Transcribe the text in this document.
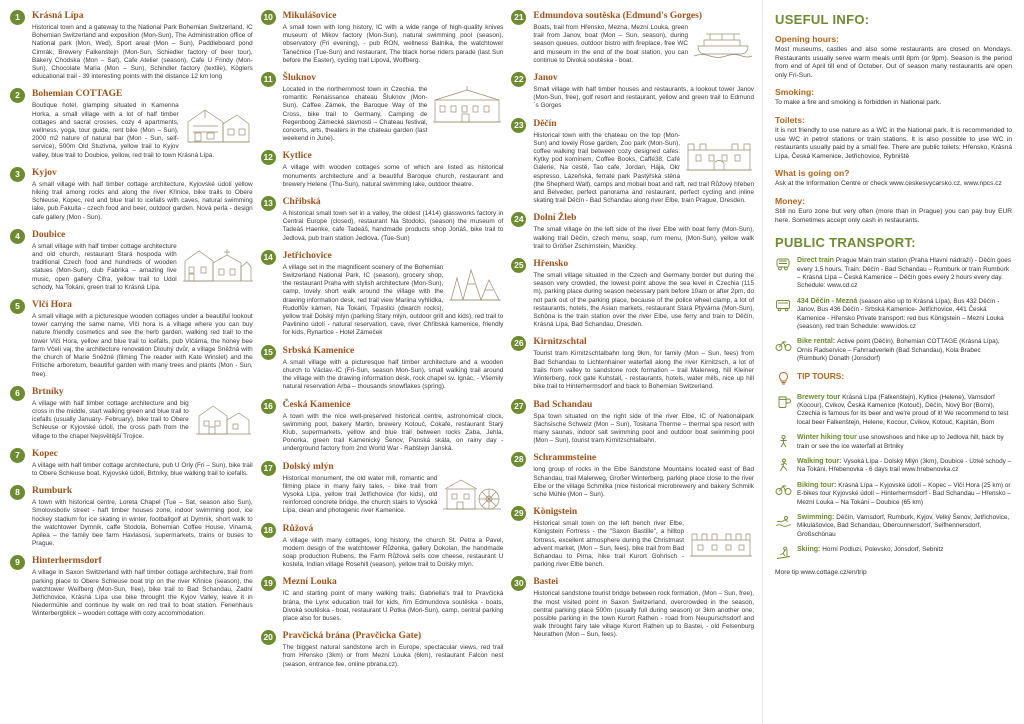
1	Krásná Lípa
Historical town and a gateway to the National Park Bohemian Switzerland, IC Bohemian Switzerland and exposition (Mon-Sun), The Administration office of National park (Mon, Wed), Sport areal (Mon – Sun), Paddleboard pond Cimrák, Brewery Falkenštejn (Mon-Sun, Schiedler factory of beer tour), Bakery Chodska (Mon – Sat), Cafe Atelier (season), Cafe U Frindy (Mon-Sun), Chocolate Maria (Mon – Sun), Schindler factory (textile), Köglers educational trail - 39 interesting points with the distance 12 km long
2	Bohemian COTTAGE
Boutique hotel, glamping situated in Kamenna Horka, a small village with a lot of half timber cottages and sacral crosses, cozy 4 apartments, wellness, yoga, tour guide, rent bike (Mon – Sun), 2000 m2 nature of natural bar (Mon - Sun, self-service), 500m Old Stuzivna, yellow trail to Kyjov valley, blue trail to Doubice, yellow, red trail to town Krásná Lípa.
3	Kyjov
A small village with half timber cottage architecture, Kyjovské údolí yellow hiking trail among rocks and along the river Křinice, bike trails to Obere Schleuse, Kopec, red and blue trail to icefalls with caves, natural swimming lake, pub Fakulta - czech food and beer, outdoor garden. Nová perla - design cafe gallery (Mon - Sun).
4	Doubice
A small village with half timber cottage architecture and old church, restaurant Stará hospoda with traditional Czech food and hundreds of wooden statues (Mon-Sun), club Fabrika – amazing live music, open gallery Cifra, yellow trail to Udol schody, Na Tokáni, green trail to Krásná Lípa.
5	Vlčí Hora
A small village with a picturesque wooden cottages under a beautiful lookout tower carrying the same name, Vlčí hora is a village where you can buy nature friendly cosmetics and see the herb garden, walking red trail to the tower Vlčí Hora, yellow and blue trail to icefalls, pub Vlčárna, the honey bee farm Včelí vaj, the architecture renovation Dlouhý dvůr, a village Sněžná with the church of Marie Sněžné (filming The reader with Kate Winslet) and the Fritsche arboretum, beautiful garden with many trees and plants (Mon - Sun, free).
6	Brtníky
A village with half timber cottage architecture and big cross in the middle, start walking green and blue trail to icefalls (usually January- February), bike trail to Obere Schleuse or Kyjovské údolí, the cross path from the village to the chapel Nejsvětější Trojice.
7	Kopec
A village with half timber cottage architecture, pub U Orly (Fri – Sun), bike trail to Obere Schleuse boat, Kyjovské údolí, Brtníky, blue walking trail to icefalls.
8	Rumburk
A town with historical centre, Loreta Chapel (Tue – Sat, season also Sun), Smolovsbotiv street - haft timber houses zone, indoor swimming pool, ice hockey stadium for ice skating in winter, footballgolf at Dymnik, short walk to the watchtower Dymnik, caffe Stodola, Bohemian Coffee House, Vinarna, Apilea – the family bee farm Havlasosi, supermarkets, trains or buses to Prague.
9	Hinterhermsdorf
A village in Saxon Switzerland with half timber cottage architecture, trail from parking place to Obere Schleuse boat trip on the river Křinice (season), the watchtower Weifberg (Mon-Sun, free), bike trail to Bad Schandau, Zadní Jetřichovice, Krásná Lípa use bike throught the Kyjov Valley, leave it in Niedermühle and continue by walk on red trail to boat station. Ferienhaus Winterbergblick – wooden cottage with cozy accommodation.
10 Mikulášovice
A small town with long history, IC with a wide range of high-quality knives museum of Mikov factory (Mon-Sun), natural swimming pool (season), observatory (Fri evening), - pub RON, wellness Balnika, the watchtower Tanečnice (Tue-Sun) and restaurant, The black horse riders parade (last Sun before the Easter), cycling trail Lipová, Wolfberg.
11	Šluknov
Located in the northernmost town in Czechia, the romantic Renaissance chateau Šluknov (Mon-Sun), Caffee Zámek, the Baroque Way of the Cross, bike trail to Germany, Camping de Regenboog Zámecké slavnosti – Chateau festival, concerts, arts, theaters in the chateau garden (last weekend in June).
12 Kytlice
A village with wooden cottages some of which are listed as historical monuments architecture and a beautiful Baroque church, restaurant and brewery Helene (Thu-Sun), natural swimming lake, outdoor theatre.
13 Chřibská
A historical small town set in a valley, the oldest (1414) glassworks factory in Central Europe (closed), restaurant Na Stodolci, (season) the museum of Tadeáš Haenke, cafe Tadeáš, handmade products shop Jonáš, bike trail to Jedlová, pub train station Jedlova. (Tue-Sun)
14 Jetřichovice
A village set in the magnificent scenery of the Bohemian Switzerland National Park, IC (season), grocery shop, the restaurant Praha with stylish architecture (Mon-Sun), camp, lovely short walk around the village with the drawing information desk, red trail view Mariina vyhlídka, Rudolfův kámen, Na Tokáni, Trpaslici (dwarch rocks), yellow trail Dolský mlýn (parking Stary mlýn, outdoor grill and kids), red trail to Pavlinino údolí - natural reservation, cave, river Chřibská kamenice, friendly for kids, Rynartice - Hotel Zámeček
15 Srbská Kamenice
A small village with a picturesque half timber architecture and a wooden church to Václav.-IC (Fri-Sun, season Mon-Sun), small walking trail around the village with the drawing information desk, rock chapel sv. Ignác, - Všemily natural reservation Arba – thousands snowflakes (spring).
16 Česká Kamenice
A town with the nice well-preserved historical centre, astronomical clock, swimming pool, bakery Martin, brewery Kotouč, Cokafe, restaurant Starý Klub, supermarkets, yellow and blue trail between rocks Zaba, Jehla, Ponorka, green trail Kamenický Šenov, Panská skála, on rainy day - underground factory from 2nd World War - Rabštejn Janská.
17 Dolský mlýn
Historical monument, the old water mill, romantic and filming place in many fairy tales, - bike trail from Vysoká Lípa, yellow trail Jetřichovice (for kids), old reinforced concrete bridge, the church stairs to Vysoká Lípa, clean and photogenic river Kamenice.
18 Růžová
A village with many cottages, long history, the church St. Petra a Pavel, modern design of the watchtower Růženka, gallery Dokolan, the handmade soap production Rubens, the Farm Růžová sells cow cheese, restaurant U kostela, Indian village Rosehill (season), yellow trail to Dolsky mlyn.
19 Mezní Louka
IC and starting point of many walking trails: Gabriella's trail to Pravčická brána, the Lynx education trail for kids, řím Edmundova soutěska - boats, Divoká soutěska - boat, restaurant U Potka (Mon-Sun), camp, central parking place also for buses.
20 Pravčická brána (Pravčicka Gate)
The biggest natural sandstone arch in Europe, spectacular views, red trail from Hřensko (3km) or from Mezní Louka (6km), restaurant Falcon nest (season, entrance fee, online pbrana.cz).
21 Edmundova soutěska (Edmund's Gorges)
Boats, trail from Hřensko, Mezna, Mezní Louka, green trail from Janov, boat (Mon – Sun, season), during season queues, outdoor bistro with fireplace, free WC and museum in the end of the boat station, you can continue to Divoká soutěska - boat.
22 Janov
Small village with half timber houses and restaurants, a lookout tower Janov (Mon-Sun, free), golf resort and restaurant, yellow and green trail to Edmund´s Gorges
23 Děčín
Historical town with the chateau on the top (Mon-Sun) and lovely Rose garden, Zoo park (Mon-Sun), coffee walking trail between cozy designed cafes: Kytky pod komínem, Coffee Books, Caffé38, Café Galerie, Na cestě, Tao cafe, Jordan, Hája, Okr espresso, Lázeňská, ferrate park Pastýřská stěna (the Shepherd Wall), camps and mobail boat and raft, red trail Růžový hřeben and Belveder, perfect panorama and restaurant, perfect cycling and inline skating trail Děčín - Bad Schandau along river Elbe, train Prague, Dresden.
24 Dolní Žleb
The small village on the left side of the river Elbe with boat ferry (Mon-Sun), walking trail Děčín, czech menu, soap, rum menu, (Mon-Sun), yellow walk trail to Größer Zschirnstein, Maxičky.
25 Hřensko
The small village situated in the Czech and Germany border but during the season very crowded, the lowest point above the sea level in Czechia (115 m), parking place during season necessary park before 10am or after 2pm, do not park out of the parking place, because of the police wheel clamp, a lot of restaurants, hotels, the Asian markets, restaurant Stará Ptyvárna (Mon-Sun), Schöna is the train station over the river Elbe, use ferry and train to Děčín, Krásná Lípa, Bad Schandau, Dresden.
26 Kirnitzschtal
Tourist tram Kirnitzschtalbahn long 9km, for family (Mon – Sun, fees) from Bad Schandau to Lichtenhainer waterfall along the river Kirnitzsch, a lot of trails from valley to sandstone rock formation – trail Malerweg, hill Kleiner Winterberg, rock gate Kuhstall, - restaurants, hotels, water mills, nice up hill bike trail to Hinterhermsdorf and back to Bohemian Switzerland.
27 Bad Schandau
Spa town situated on the right side of the river Elbe, IC of Nationalpark Sächsische Schweiz (Mon – Sun), Toskana Therme – thermal spa resort with many saunas, indoor salt swimming pool and outdoor boat swimming pool (Mon – Sun), tourist tram Kirnitzschtalbahn.
28 Schrammsteine
long group of rocks in the Elbe Sandstone Mountains located east of Bad Schandau, trail Malerweg, Großer Winterberg, parking place close to the river Elbe or the village Schmilka (nice historical microbrewery and bakery Schmilk sche Mühle (Mon – Sun).
29 Königstein
Historical small town on the left bench river Elbe, Königstein Fortress - the "Saxon Bastille", a hilltop fortress, excellent atmosphere during the Christmast advent market, (Mon – Sun, fees), bike trail from Bad Schandau to Pirna, hike trail Kurort Gohrisch - parking river Elbe bench.
30 Bastei
Historical sandstone tourist bridge between rock formation, (Mon – Sun, free), the most visited point in Saxon Switzerland, overcrowded in the season, central parking place 500m (usually full during season) or 3km another one, possible parking in the town Kurort Rathen - road from Neupurschsdorf and walk throught fairy tale village Kurort Rathen up to Bastei, - old Felsenburg Neurathen (Mon – Sun, fees).
USEFUL INFO:
Opening hours:

Most museums, castles and also some restaurants are closed on Mondays. Restaurants usually serve warm meals until 8pm (or 9pm). Season is the period from end of April till end of October. Out of season many restaurants are open only Fri-Sun.

Smoking:

To make a fire and smoking is forbidden in National park.

Toilets:

It is not friendly to use nature as a WC in the National park. It is recommended to use WC in petrol stations or train stations. It is also possible to use WC in restaurants usually paid by a small fee. There are public toilets: Hřensko, Krásná Lípa, Česká Kamenice, Jetřichovice, Rybniště

What is going on?

Ask at the Information Centre or check www.ceskesvycarsko.cz, www.npcs.cz

Money:

Still no Euro zone but very often (more than in Prague) you can pay buy EUR here. Sometimes accept only cash in restaurants.

PUBLIC TRANSPORT:
Direct train Prague Main train station (Praha Hlavní nádraží) - Děčín goes every 1,5 hours, Train: Děčín - Bad Schandau – Rumburk or train Rumburk – Krásná Lípa – Česká Kamenice – Děčín goes every 2 hours every day. Schedule: www.cd.cz
434 Děčín - Mezná (season also up to Krásná Lípa), Bus 432 Děčín - Janov, Bus 436 Děčín - Srbská Kamenice- Jetřichovice, 441 Česká Kamenice - Hřensko Private transport: red bus Königstein – Mezní Louka (season), red train Schedule: www.idos.cz
Bike rental: Active point (Děčín), Bohemian COTTAGE (Krásná Lípa), Ornis Radservice – Fahrradverleih (Bad Schandau), Kola Brabec (Rumburk) Donath (Jonsdorf)
TIP TOURS:
Brewery tour Krásná Lípa (Falkenštejn), Kytlice (Helene), Varnsdorf (Kocour), Cvikov, Česká Kamenice (Kotouč), Děčín, Nový Bor (Borni), Czechia is famous for its beer and we're proud of it! We recommend to test local beer Falkenštejn, Helene, Kocour, Cvikov, Kotouč, Kapitán, Born
Winter hiking tour use snowshoes and hike up to Jedlova hill, back by train or see the ice waterfall at Brtniky
Walking tour: Vysoká Lípa - Dolský Mlýn (3km), Doubice - Uzké schody – Na Tokáni, Hřebenovka - 6 days trail www.hrebenovka.cz
Biking tour: Krásná Lípa – Kyjovské údolí – Kopec – Vlčí Hora (25 km) or E-bikes tour Kyjovské údolí – Hinterhermsdorf - Bad Schandau – Hřensko – Mezní Louka – Na Tokáni – Doubice (65 km)
Swimming: Děčín, Varnsdorf, Rumburk, Kyjov, Velký Šenov, Jetřichovice, Mikulášovice, Bad Schandau, Obercunnersdorf, Seifhennersdorf, Großschönau
Skiing: Horní Podluzí, Polevsko, Jonsdorf, Sebnitz

More tip www.cottage.cz/en/trip
